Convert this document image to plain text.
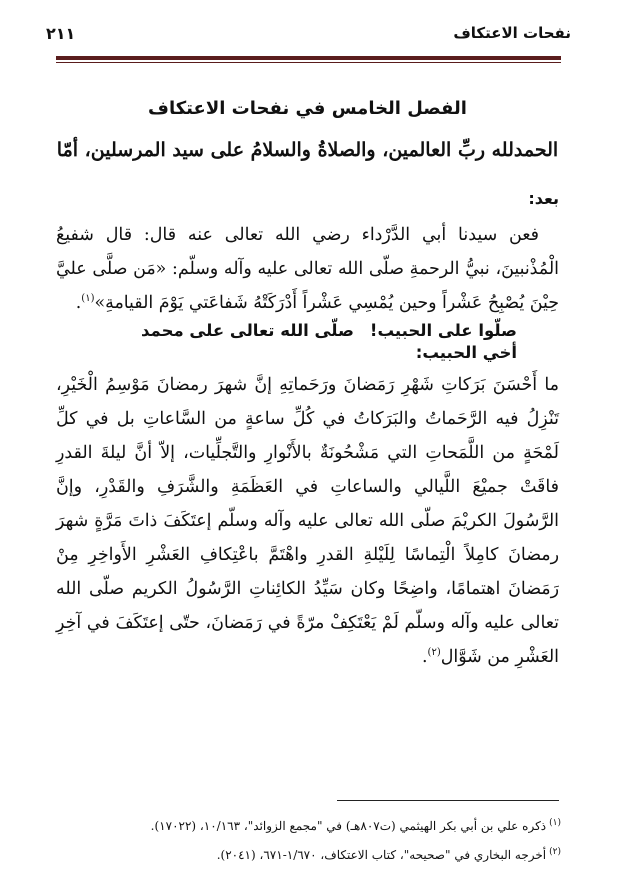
نفحات الاعتكاف
٢١١
الفصل الخامس في نفحات الاعتكاف
الحمدلله ربِّ العالمين، والصلاةُ والسلامُ على سيد المرسلين، أمّا
بعد:

فعن سيدنا أبي الدَّرْداء رضي الله تعالى عنه قال: قال شفيعُ الْمُذْنبينَ، نبيُّ الرحمةِ صلّى الله تعالى عليه وآله وسلّم: «مَن صلَّى عليَّ حِيْنَ يُصْبِحُ عَشْراً وحين يُمْسِي عَشْراً أَدْرَكَتْهُ شَفاعَتي يَوْمَ القيامةِ»$^{(١)}$.

صلّوا على الحبيب!
صلّى الله تعالى على محمد
أخي الحبيب:

ما أَحْسَنَ بَرَكاتِ شَهْرِ رَمَضانَ ورَحَماتِهِ إنَّ شهرَ رمضانَ مَوْسِمُ الْخَيْرِ، تَنْزِلُ فيه الرَّحَماتُ والبَرَكاتُ في كُلِّ ساعةٍ من السَّاعاتِ بل في كلِّ لَمْحَةٍ من اللَّمَحاتِ التي مَشْحُونَةٌ بالأَنْوارِ والتَّجلِّيات، إلاّ أنَّ ليلةَ القدرِ فاقَتْ جميْعَ اللَّيالي والساعاتِ في العَظَمَةِ والشَّرَفِ والقَدْرِ، وإنَّ الرَّسُولَ الكريْمَ صلّى الله تعالى عليه وآله وسلّم إعتَكَفَ ذاتَ مَرَّةٍ شهرَ رمضانَ كامِلاً الْتِماسًا لِلَيْلةِ القدرِ واهْتَمَّ باعْتِكافِ العَشْرِ الأَواخِرِ مِنْ رَمَضانَ اهتمامًا، واضِحًا وكان سَيِّدُ الكائِناتِ الرَّسُولُ الكريم صلّى الله تعالى عليه وآله وسلّم لَمْ يَعْتَكِفْ مرّةً في رَمَضانَ، حتّى إعتَكَفَ في آخِرِ العَشْرِ من شَوَّال$^{(٢)}$.

$^{(١)}$ذكره علي بن أبي بكر الهيثمي (ت٨٠٧هـ) في "مجمع الزوائد"، ١٠/١٦٣، (١٧٠٢٢).
$^{(٢)}$أخرجه البخاري في "صحيحه"، كتاب الاعتكاف، ١/٦٧٠-٦٧١، (٢٠٤١).
